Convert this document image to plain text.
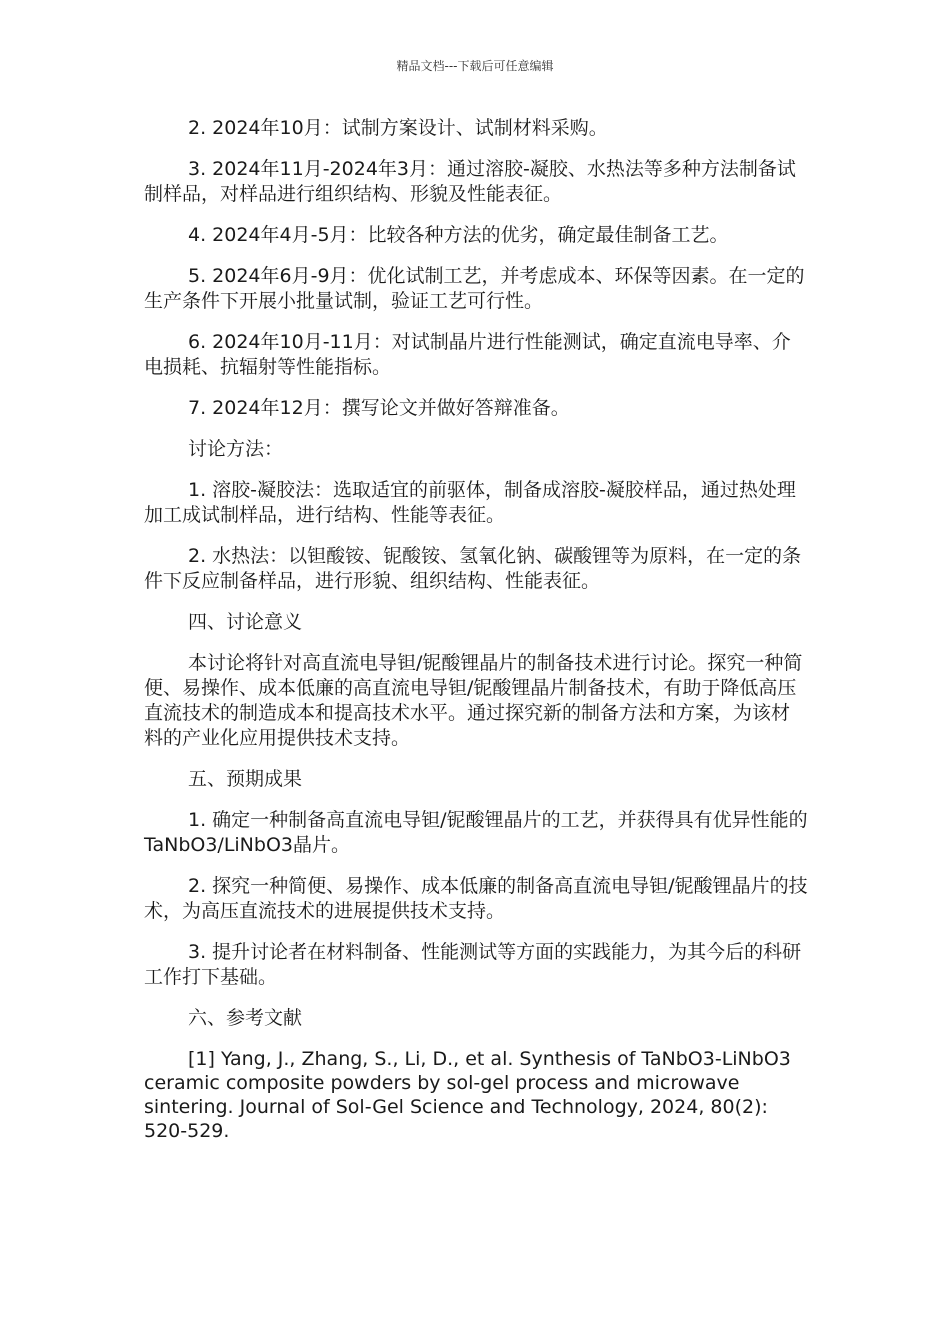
精品文档---下载后可任意编辑

2. 2024年10月：试制方案设计、试制材料采购。

3. 2024年11月-2024年3月：通过溶胶-凝胶、水热法等多种方法制备试制样品，对样品进行组织结构、形貌及性能表征。

4. 2024年4月-5月：比较各种方法的优劣，确定最佳制备工艺。

5. 2024年6月-9月：优化试制工艺，并考虑成本、环保等因素。在一定的生产条件下开展小批量试制，验证工艺可行性。

6. 2024年10月-11月：对试制晶片进行性能测试，确定直流电导率、介电损耗、抗辐射等性能指标。

7. 2024年12月：撰写论文并做好答辩准备。

讨论方法：

1. 溶胶-凝胶法：选取适宜的前驱体，制备成溶胶-凝胶样品，通过热处理加工成试制样品，进行结构、性能等表征。

2. 水热法：以钽酸铵、铌酸铵、氢氧化钠、碳酸锂等为原料，在一定的条件下反应制备样品，进行形貌、组织结构、性能表征。

四、讨论意义

本讨论将针对高直流电导钽/铌酸锂晶片的制备技术进行讨论。探究一种简便、易操作、成本低廉的高直流电导钽/铌酸锂晶片制备技术，有助于降低高压直流技术的制造成本和提高技术水平。通过探究新的制备方法和方案，为该材料的产业化应用提供技术支持。

五、预期成果

1. 确定一种制备高直流电导钽/铌酸锂晶片的工艺，并获得具有优异性能的TaNbO3/LiNbO3晶片。

2. 探究一种简便、易操作、成本低廉的制备高直流电导钽/铌酸锂晶片的技术，为高压直流技术的进展提供技术支持。

3. 提升讨论者在材料制备、性能测试等方面的实践能力，为其今后的科研工作打下基础。

六、参考文献

[1] Yang, J., Zhang, S., Li, D., et al. Synthesis of TaNbO3-LiNbO3 ceramic composite powders by sol-gel process and microwave sintering. Journal of Sol-Gel Science and Technology, 2024, 80(2): 520-529.
